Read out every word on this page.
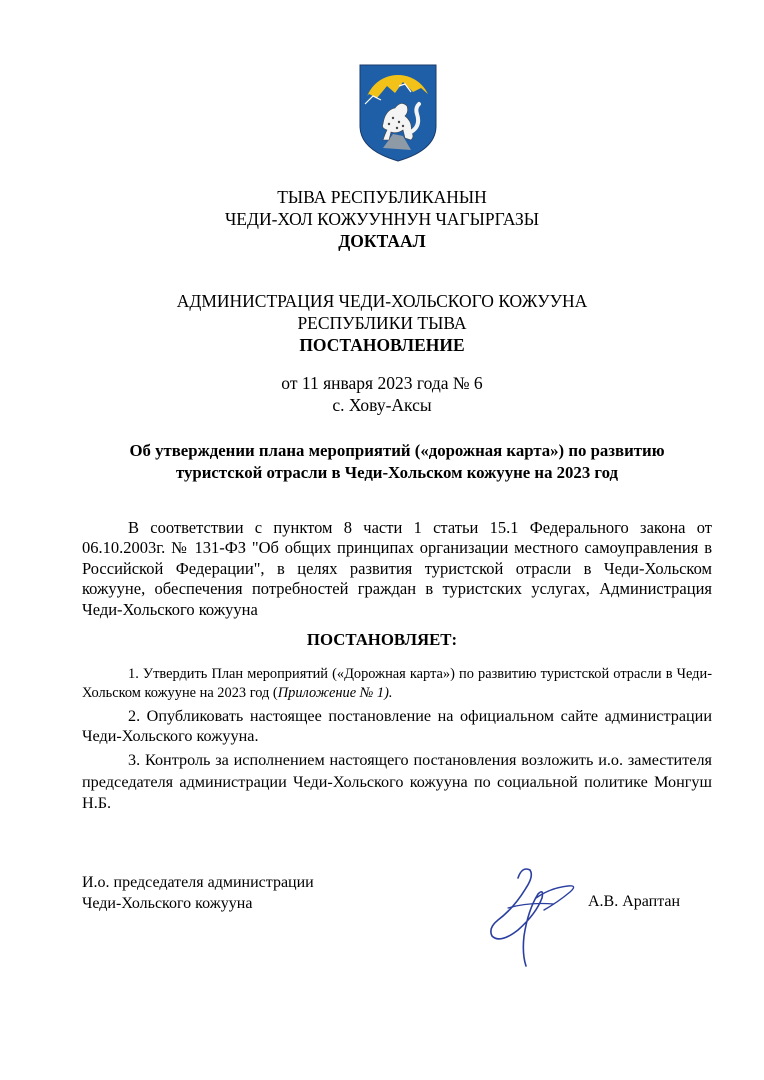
ТЫВА РЕСПУБЛИКАНЫН
ЧЕДИ-ХОЛ КОЖУУННУН ЧАГЫРГАЗЫ
ДОКТААЛ
АДМИНИСТРАЦИЯ ЧЕДИ-ХОЛЬСКОГО КОЖУУНА
РЕСПУБЛИКИ ТЫВА
ПОСТАНОВЛЕНИЕ
от 11 января 2023 года № 6
с. Хову-Аксы
Об утверждении плана мероприятий («дорожная карта») по развитию
туристской отрасли в Чеди-Хольском кожууне на 2023 год

В соответствии с пунктом 8 части 1 статьи 15.1 Федерального закона от 06.10.2003г. № 131-ФЗ "Об общих принципах организации местного самоуправления в Российской Федерации", в целях развития туристской отрасли в Чеди-Хольском кожууне, обеспечения потребностей граждан в туристских услугах, Администрация Чеди-Хольского кожууна

ПОСТАНОВЛЯЕТ:

1. Утвердить План мероприятий («Дорожная карта») по развитию туристской отрасли в Чеди-Хольском кожууне на 2023 год (Приложение № 1).

2. Опубликовать настоящее постановление на официальном сайте администрации Чеди-Хольского кожууна.

3. Контроль за исполнением настоящего постановления возложить и.о. заместителя председателя администрации Чеди-Хольского кожууна по социальной политике Монгуш Н.Б.

И.о. председателя администрации
Чеди-Хольского кожууна	А.В. Араптан
